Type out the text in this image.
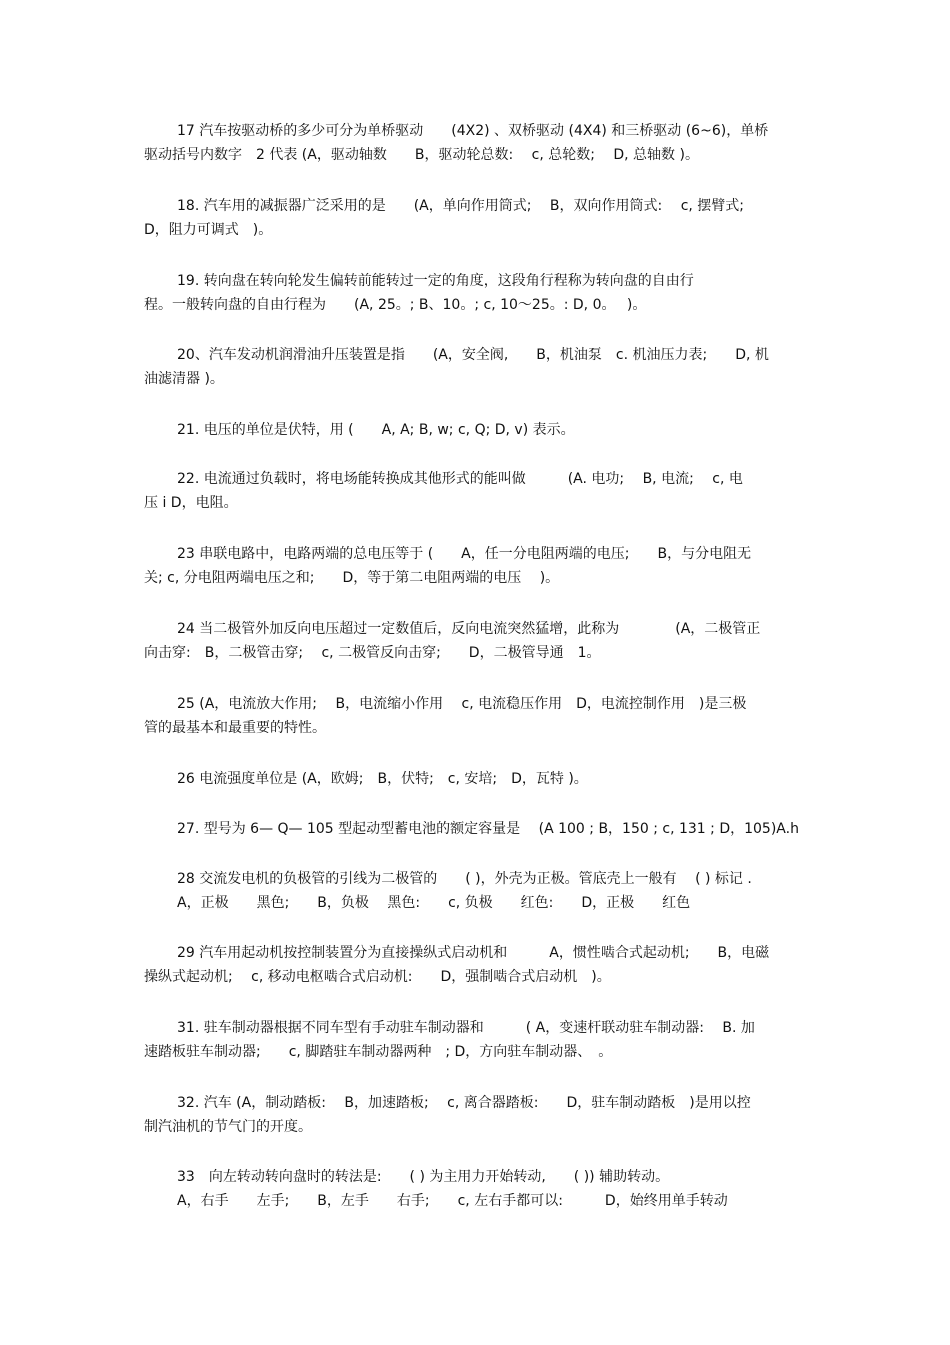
17 汽车按驱动桥的多少可分为单桥驱动　　(4X2) 、双桥驱动 (4X4) 和三桥驱动 (6~6)，单桥
驱动括号内数字　2 代表 (A，驱动轴数　　B，驱动轮总数:　 c, 总轮数;　 D, 总轴数 )。
18. 汽车用的减振器广泛采用的是　　(A，单向作用筒式;　 B，双向作用筒式:　 c, 摆臂式;
D，阻力可调式　)。
19. 转向盘在转向轮发生偏转前能转过一定的角度，这段角行程称为转向盘的自由行
程。一般转向盘的自由行程为　　(A, 25。; B、10。; c, 10～25。: D, 0。　 )。
20、汽车发动机润滑油升压装置是指　　(A，安全阀,　　B，机油泵　c. 机油压力表;　　D, 机
油滤清器 )。
21. 电压的单位是伏特，用 (　　A, A; B, w; c, Q; D, v) 表示。
22. 电流通过负载时，将电场能转换成其他形式的能叫做　　　(A. 电功;　 B, 电流;　 c, 电
压 i D，电阻。
23 串联电路中，电路两端的总电压等于 (　　A，任一分电阻两端的电压;　　B，与分电阻无
关; c, 分电阻两端电压之和;　　D，等于第二电阻两端的电压　 )。
24 当二极管外加反向电压超过一定数值后，反向电流突然猛增，此称为　　　　(A，二极管正
向击穿:　B，二极管击穿;　 c, 二极管反向击穿;　　D，二极管导通　1。
25 (A，电流放大作用;　 B，电流缩小作用　 c, 电流稳压作用　D，电流控制作用　)是三极
管的最基本和最重要的特性。
26 电流强度单位是 (A，欧姆;　B，伏特;　c, 安培;　D，瓦特 )。
27. 型号为 6— Q— 105 型起动型蓄电池的额定容量是　 (A 100 ; B，150 ; c, 131 ; D，105)A.h
28 交流发电机的负极管的引线为二极管的　　( )，外壳为正极。管底壳上一般有　 ( ) 标记 .
A，正极　　黑色;　　B，负极　 黑色:　　c, 负极　　红色:　　D，正极　　红色
29 汽车用起动机按控制装置分为直接操纵式启动机和　　　A，惯性啮合式起动机;　　B，电磁
操纵式起动机;　 c, 移动电枢啮合式启动机:　　D，强制啮合式启动机　)。
31. 驻车制动器根据不同车型有手动驻车制动器和　　　( A，变速杆联动驻车制动器:　 B. 加
速踏板驻车制动器;　　c, 脚踏驻车制动器两种　; D，方向驻车制动器、　。
32. 汽车 (A，制动踏板:　 B，加速踏板;　 c, 离合器踏板:　　D，驻车制动踏板　)是用以控
制汽油机的节气门的开度。
33　向左转动转向盘时的转法是:　　( ) 为主用力开始转动,　　( )) 辅助转动。
A，右手　　左手;　　B，左手　　右手;　　c, 左右手都可以:　　　D，始终用单手转动
